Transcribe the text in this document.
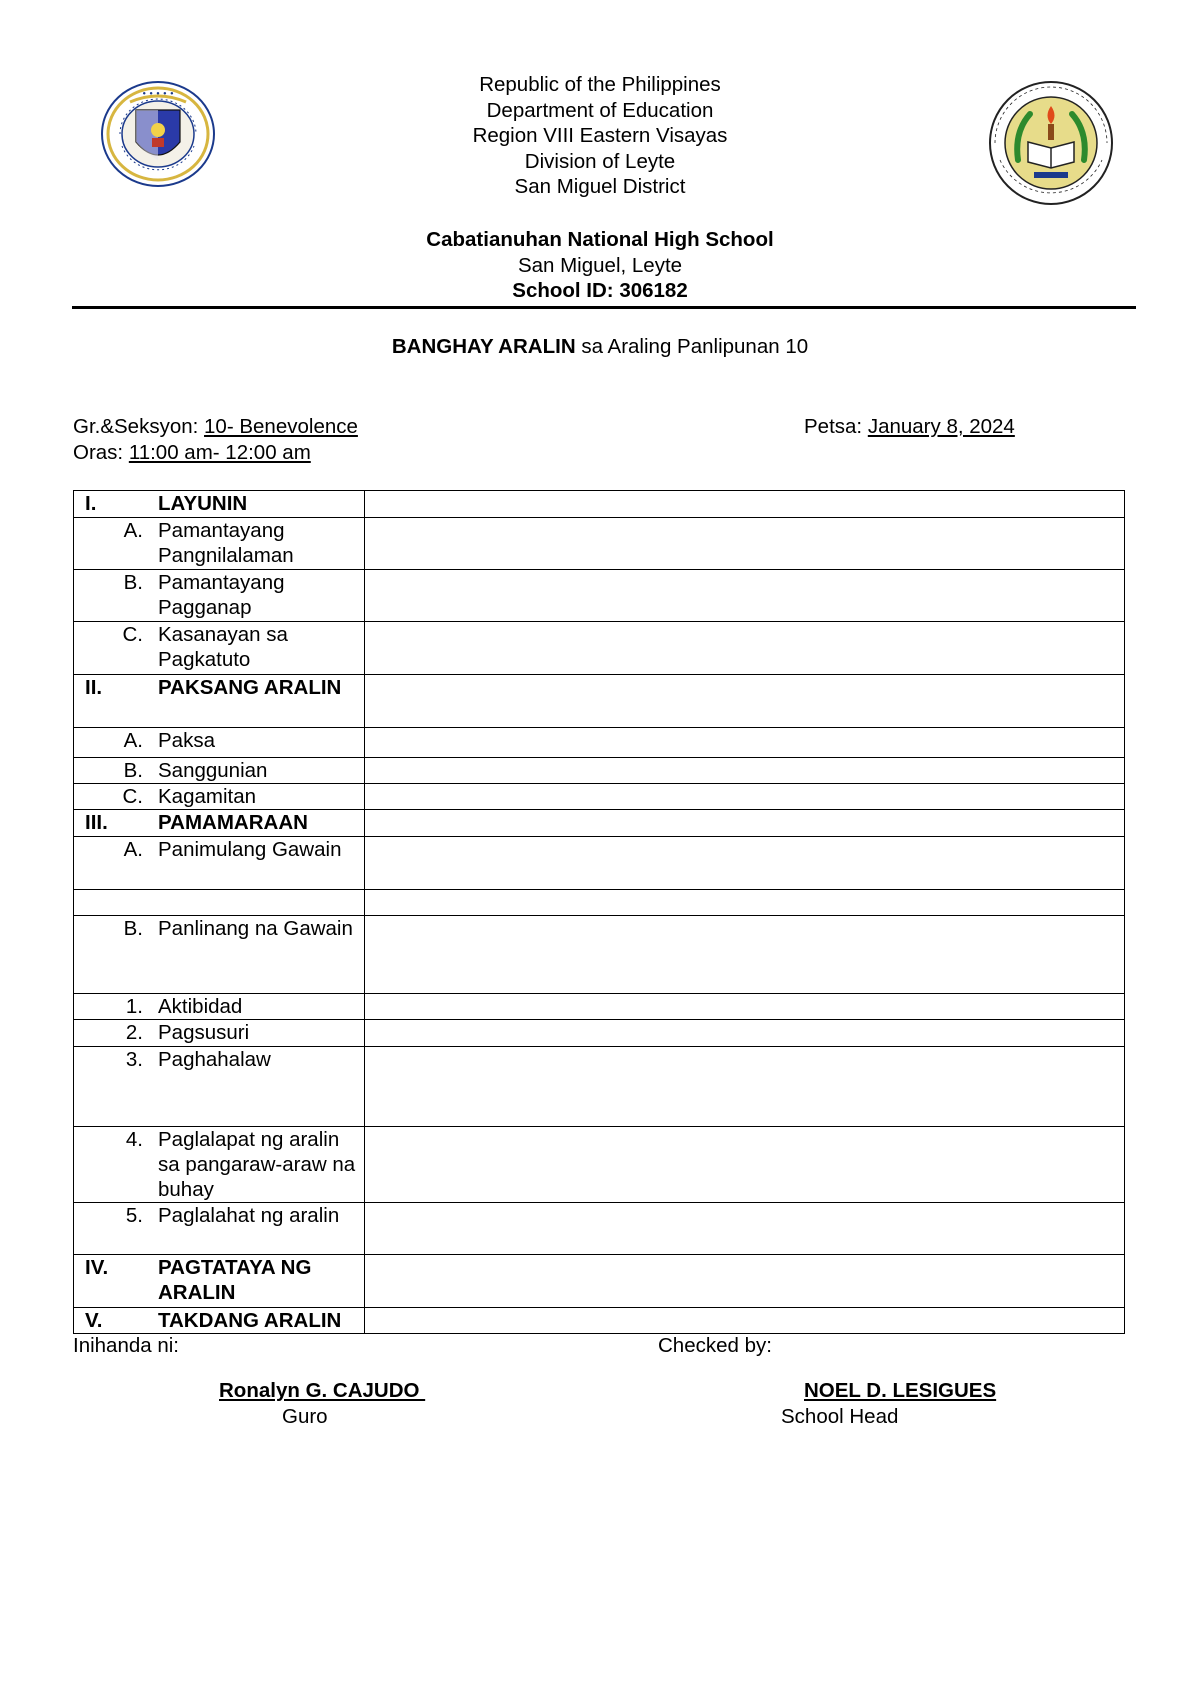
• • • • •	Republic of the Philippines
Department of Education
Region VIII Eastern Visayas
Division of Leyte
San Miguel District
Cabatianuhan National High School
San Miguel, Leyte
School ID: 306182
BANGHAY ARALIN sa Araling Panlipunan 10
Gr.&Seksyon: 10- Benevolence
Oras: 11:00 am- 12:00 am
Petsa: January 8, 2024
I. LAYUNIN	

A. Pamantayang Pangnilalaman	

B. Pamantayang Pagganap	

C. Kasanayan sa Pagkatuto	

II. PAKSANG ARALIN	

A. Paksa	

B. Sanggunian	

C. Kagamitan	

III. PAMAMARAAN	

A. Panimulang Gawain	

B. Panlinang na Gawain	

1. Aktibidad	

2. Pagsusuri	

3. Paghahalaw	

4. Paglalapat ng aralin sa pangaraw-araw na buhay	

5. Paglalahat ng aralin	

IV. PAGTATAYA NG ARALIN	

V. TAKDANG ARALIN	

Inihanda ni:
Ronalyn G. CAJUDO
Guro
Checked by:
NOEL D. LESIGUES
School Head
